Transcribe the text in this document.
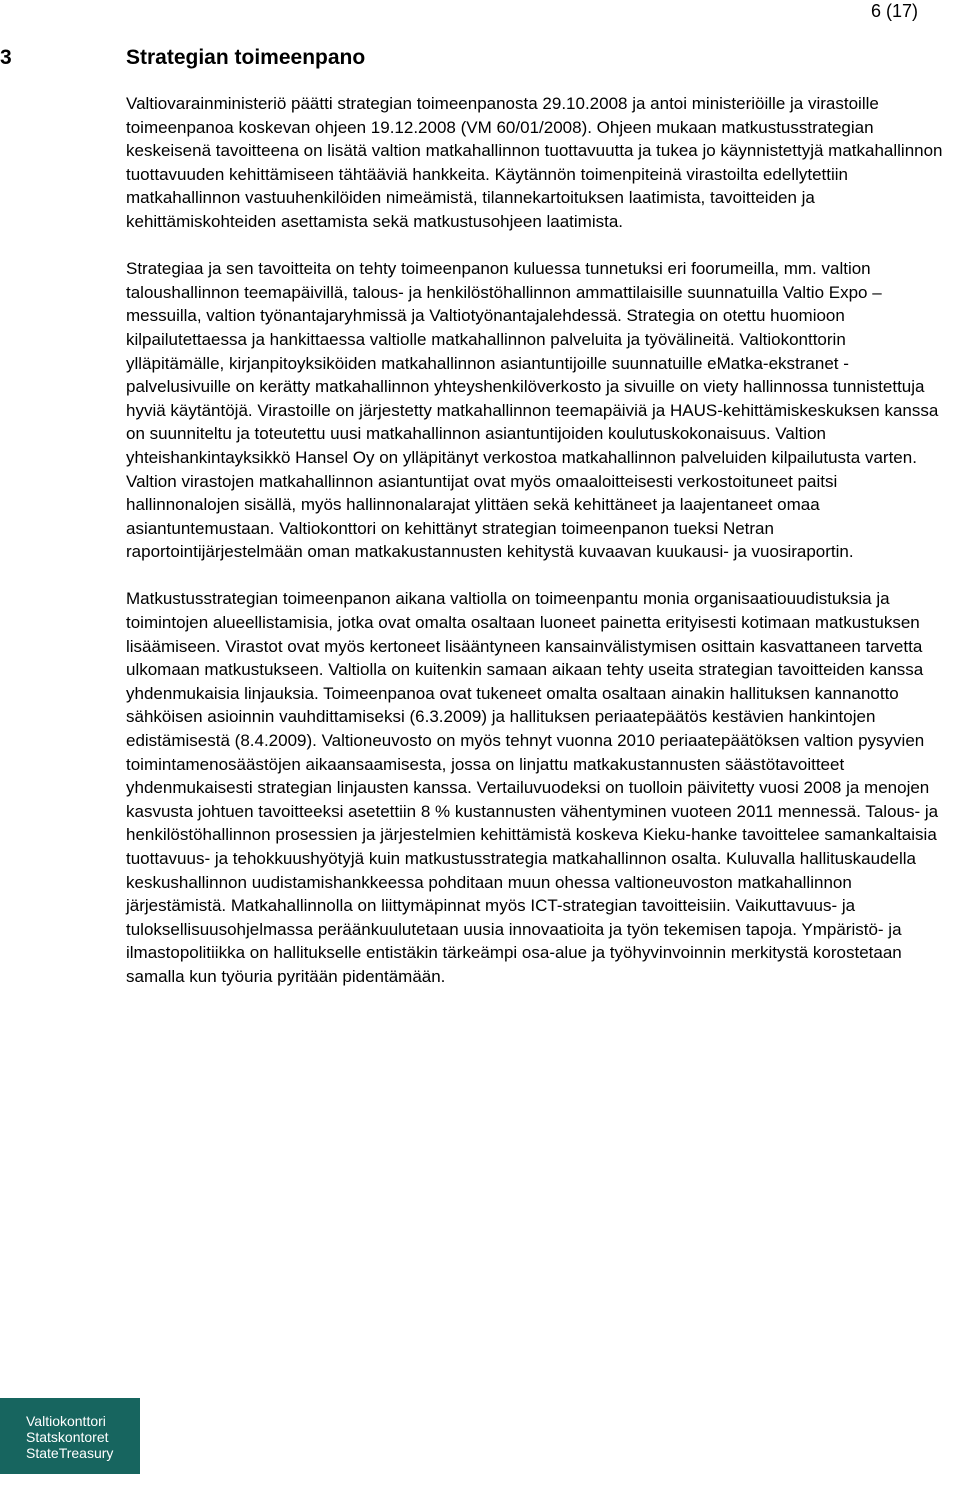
6 (17)
3	Strategian toimeenpano

Valtiovarainministeriö päätti strategian toimeenpanosta 29.10.2008 ja antoi ministeriöille ja virastoille toimeenpanoa koskevan ohjeen 19.12.2008 (VM 60/01/2008). Ohjeen mukaan matkustusstrategian keskeisenä tavoitteena on lisätä valtion matkahallinnon tuottavuutta ja tukea jo käynnistettyjä matkahallinnon tuottavuuden kehittämiseen tähtääviä hankkeita. Käytännön toimenpiteinä virastoilta edellytettiin matkahallinnon vastuuhenkilöiden nimeämistä, tilannekartoituksen laatimista, tavoitteiden ja kehittämiskohteiden asettamista sekä matkustusohjeen laatimista.

Strategiaa ja sen tavoitteita on tehty toimeenpanon kuluessa tunnetuksi eri foorumeilla, mm. valtion taloushallinnon teemapäivillä, talous- ja henkilöstöhallinnon ammattilaisille suunnatuilla Valtio Expo –messuilla, valtion työnantajaryhmissä ja Valtiotyönantajalehdessä. Strategia on otettu huomioon kilpailutettaessa ja hankittaessa valtiolle matkahallinnon palveluita ja työvälineitä. Valtiokonttorin ylläpitämälle, kirjanpitoyksiköiden matkahallinnon asiantuntijoille suunnatuille eMatka-ekstranet -palvelusivuille on kerätty matkahallinnon yhteyshenkilöverkosto ja sivuille on viety hallinnossa tunnistettuja hyviä käytäntöjä. Virastoille on järjestetty matkahallinnon teemapäiviä ja HAUS-kehittämiskeskuksen kanssa on suunniteltu ja toteutettu uusi matkahallinnon asiantuntijoiden koulutuskokonaisuus. Valtion yhteishankintayksikkö Hansel Oy on ylläpitänyt verkostoa matkahallinnon palveluiden kilpailutusta varten. Valtion virastojen matkahallinnon asiantuntijat ovat myös omaaloitteisesti verkostoituneet paitsi hallinnonalojen sisällä, myös hallinnonalarajat ylittäen sekä kehittäneet ja laajentaneet omaa asiantuntemustaan. Valtiokonttori on kehittänyt strategian toimeenpanon tueksi Netran raportointijärjestelmään oman matkakustannusten kehitystä kuvaavan kuukausi- ja vuosiraportin.

Matkustusstrategian toimeenpanon aikana valtiolla on toimeenpantu monia organisaatiouudistuksia ja toimintojen alueellistamisia, jotka ovat omalta osaltaan luoneet painetta erityisesti kotimaan matkustuksen lisäämiseen. Virastot ovat myös kertoneet lisääntyneen kansainvälistymisen osittain kasvattaneen tarvetta ulkomaan matkustukseen. Valtiolla on kuitenkin samaan aikaan tehty useita strategian tavoitteiden kanssa yhdenmukaisia linjauksia. Toimeenpanoa ovat tukeneet omalta osaltaan ainakin hallituksen kannanotto sähköisen asioinnin vauhdittamiseksi (6.3.2009) ja hallituksen periaatepäätös kestävien hankintojen edistämisestä (8.4.2009). Valtioneuvosto on myös tehnyt vuonna 2010 periaatepäätöksen valtion pysyvien toimintamenosäästöjen aikaansaamisesta, jossa on linjattu matkakustannusten säästötavoitteet yhdenmukaisesti strategian linjausten kanssa. Vertailuvuodeksi on tuolloin päivitetty vuosi 2008 ja menojen kasvusta johtuen tavoitteeksi asetettiin 8 % kustannusten vähentyminen vuoteen 2011 mennessä. Talous- ja henkilöstöhallinnon prosessien ja järjestelmien kehittämistä koskeva Kieku-hanke tavoittelee samankaltaisia tuottavuus- ja tehokkuushyötyjä kuin matkustusstrategia matkahallinnon osalta. Kuluvalla hallituskaudella keskushallinnon uudistamishankkeessa pohditaan muun ohessa valtioneuvoston matkahallinnon järjestämistä. Matkahallinnolla on liittymäpinnat myös ICT-strategian tavoitteisiin. Vaikuttavuus- ja tuloksellisuusohjelmassa peräänkuulutetaan uusia innovaatioita ja työn tekemisen tapoja. Ympäristö- ja ilmastopolitiikka on hallitukselle entistäkin tärkeämpi osa-alue ja työhyvinvoinnin merkitystä korostetaan samalla kun työuria pyritään pidentämään.

Valtiokonttori
Statskontoret
StateTreasury
